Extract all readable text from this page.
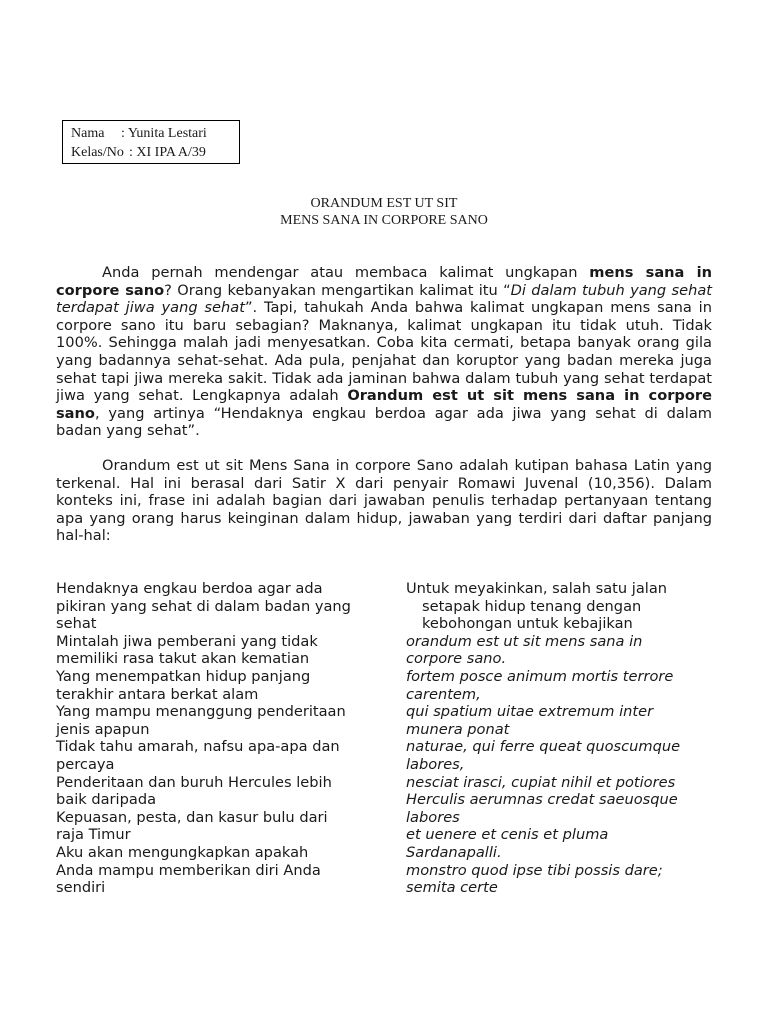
Nama	: Yunita Lestari
Kelas/No : XI IPA A/39
ORANDUM EST UT SIT
MENS SANA IN CORPORE SANO
Anda pernah mendengar atau membaca kalimat ungkapan mens sana in corpore sano? Orang kebanyakan mengartikan kalimat itu “Di dalam tubuh yang sehat terdapat jiwa yang sehat”. Tapi, tahukah Anda bahwa kalimat ungkapan mens sana in corpore sano itu baru sebagian? Maknanya, kalimat ungkapan itu tidak utuh. Tidak 100%. Sehingga malah jadi menyesatkan. Coba kita cermati, betapa banyak orang gila yang badannya sehat-sehat. Ada pula, penjahat dan koruptor yang badan mereka juga sehat tapi jiwa mereka sakit. Tidak ada jaminan bahwa dalam tubuh yang sehat terdapat jiwa yang sehat. Lengkapnya adalah Orandum est ut sit mens sana in corpore sano, yang artinya “Hendaknya engkau berdoa agar ada jiwa yang sehat di dalam badan yang sehat”.
Orandum est ut sit Mens Sana in corpore Sano adalah kutipan bahasa Latin yang terkenal. Hal ini berasal dari Satir X dari penyair Romawi Juvenal (10,356). Dalam konteks ini, frase ini adalah bagian dari jawaban penulis terhadap pertanyaan tentang apa yang orang harus keinginan dalam hidup, jawaban yang terdiri dari daftar panjang hal-hal:
Hendaknya engkau berdoa agar ada
pikiran yang sehat di dalam badan yang
sehat
Mintalah jiwa pemberani yang tidak
memiliki rasa takut akan kematian
Yang menempatkan hidup panjang
terakhir antara berkat alam
Yang mampu menanggung penderitaan
jenis apapun
Tidak tahu amarah, nafsu apa-apa dan
percaya
Penderitaan dan buruh Hercules lebih
baik daripada
Kepuasan, pesta, dan kasur bulu dari
raja Timur
Aku akan mengungkapkan apakah
Anda mampu memberikan diri Anda
sendiri
Untuk meyakinkan, salah satu jalan
setapak hidup tenang dengan
kebohongan untuk kebajikan
orandum est ut sit mens sana in
corpore sano.
fortem posce animum mortis terrore
carentem,
qui spatium uitae extremum inter
munera ponat
naturae, qui ferre queat quoscumque
labores,
nesciat irasci, cupiat nihil et potiores
Herculis aerumnas credat saeuosque
labores
et uenere et cenis et pluma
Sardanapalli.
monstro quod ipse tibi possis dare;
semita certe
